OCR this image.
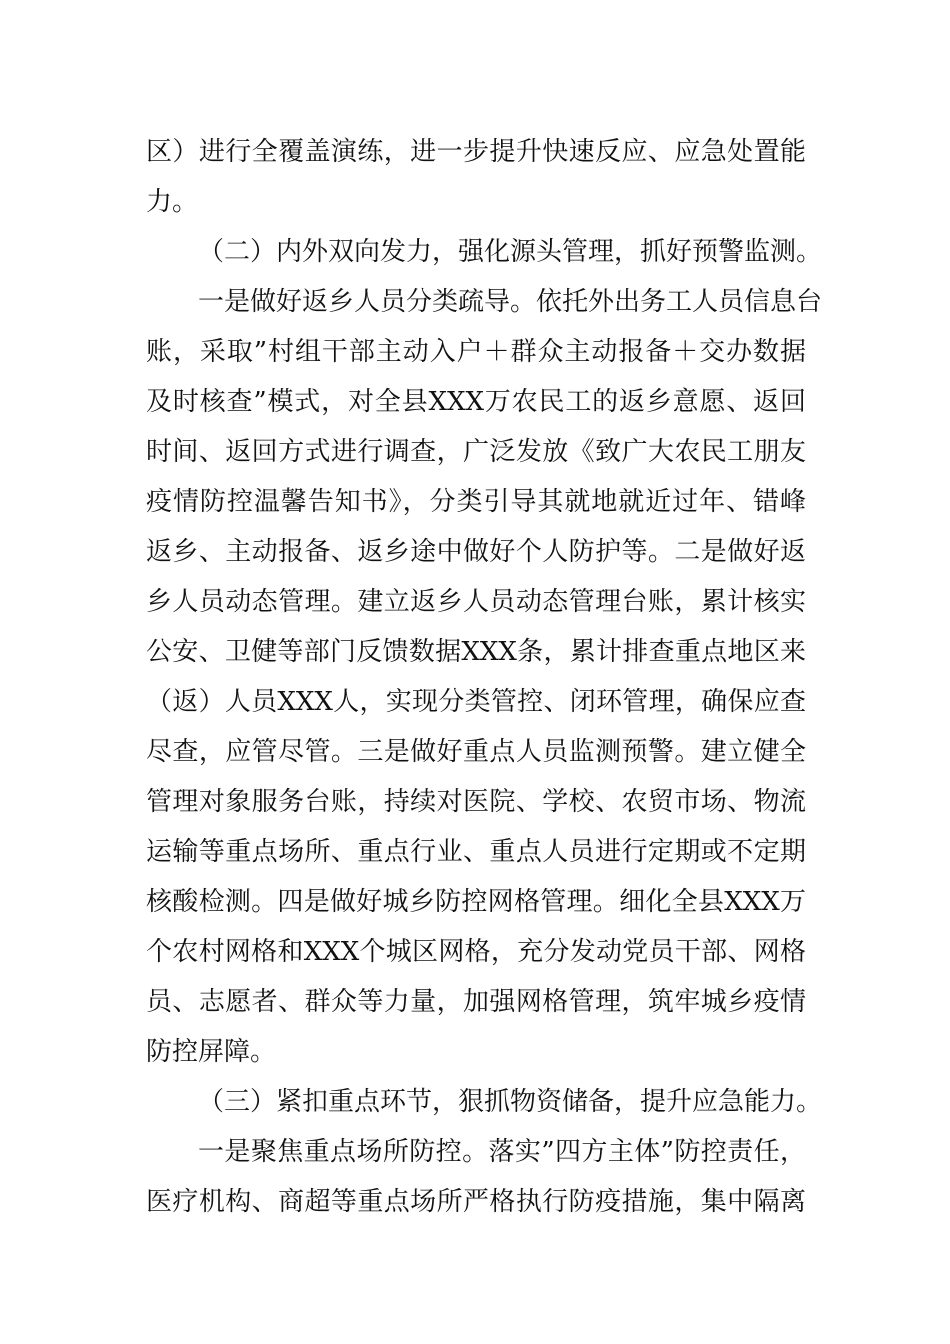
区）进行全覆盖演练，进一步提升快速反应、应急处置能
力。
（二）内外双向发力，强化源头管理，抓好预警监测。
一是做好返乡人员分类疏导。依托外出务工人员信息台
账，采取”村组干部主动入户＋群众主动报备＋交办数据
及时核查”模式，对全县XXX万农民工的返乡意愿、返回
时间、返回方式进行调查，广泛发放《致广大农民工朋友
疫情防控温馨告知书》，分类引导其就地就近过年、错峰
返乡、主动报备、返乡途中做好个人防护等。二是做好返
乡人员动态管理。建立返乡人员动态管理台账，累计核实
公安、卫健等部门反馈数据XXX条，累计排查重点地区来
（返）人员XXX人，实现分类管控、闭环管理，确保应查
尽查，应管尽管。三是做好重点人员监测预警。建立健全
管理对象服务台账，持续对医院、学校、农贸市场、物流
运输等重点场所、重点行业、重点人员进行定期或不定期
核酸检测。四是做好城乡防控网格管理。细化全县XXX万
个农村网格和XXX个城区网格，充分发动党员干部、网格
员、志愿者、群众等力量，加强网格管理，筑牢城乡疫情
防控屏障。
（三）紧扣重点环节，狠抓物资储备，提升应急能力。
一是聚焦重点场所防控。落实”四方主体”防控责任，
医疗机构、商超等重点场所严格执行防疫措施，集中隔离
